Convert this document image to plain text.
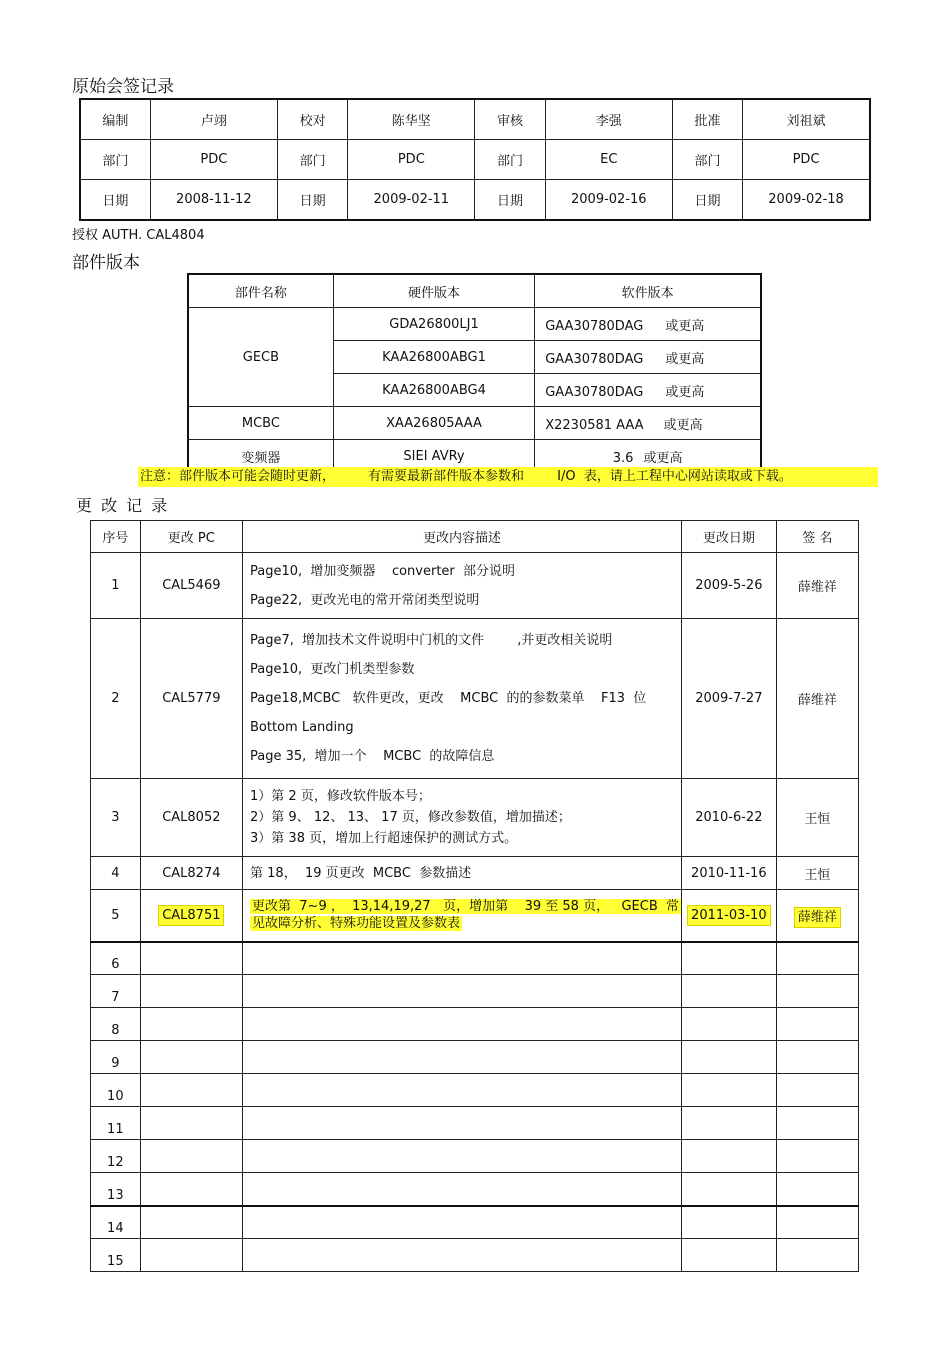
原始会签记录
编制	卢翊	校对	陈华坚	审核	李强	批准	刘祖斌
部门	PDC	部门	PDC	部门	EC	部门	PDC
日期	2008-11-12	日期	2009-02-11	日期	2009-02-16	日期	2009-02-18
授权 AUTH. CAL4804
部件版本
部件名称	硬件版本	软件版本
GECB	GDA26800LJ1	GAA30780DAG 或更高
	KAA26800ABG1	GAA30780DAG 或更高
	KAA26800ABG4	GAA30780DAG 或更高
MCBC	XAA26805AAA	X2230581 AAA 或更高
变频器	SIEI AVRy	3.6 或更高
注意：部件版本可能会随时更新，        有需要最新部件版本参数和        I/O  表，请上工程中心网站读取或下载。
更 改 记 录
序号	更改 PC	更改内容描述	更改日期	签 名
1	CAL5469	Page10,  增加变频器    converter  部分说明
Page22,  更改光电的常开常闭类型说明	2009-5-26	薛维祥
2	CAL5779	Page7,  增加技术文件说明中门机的文件        ,并更改相关说明
Page10,  更改门机类型参数
Page18,MCBC   软件更改，更改    MCBC  的的参数菜单    F13  位
Bottom Landing
Page 35,  增加一个    MCBC  的故障信息	2009-7-27	薛维祥
3	CAL8052	1）第 2 页，修改软件版本号；
2）第 9、 12、 13、 17 页，修改参数值，增加描述；
3）第 38 页，增加上行超速保护的测试方式。	2010-6-22	王恒
4	CAL8274	第 18，  19 页更改  MCBC  参数描述	2010-11-16	王恒
5	CAL8751	更改第  7~9 ，  13,14,19,27   页，增加第    39 至 58 页，   GECB  常
见故障分析、特殊功能设置及参数表	2011-03-10	薛维祥
6				
7				
8				
9				
10				
11				
12				
13				
14				
15				
